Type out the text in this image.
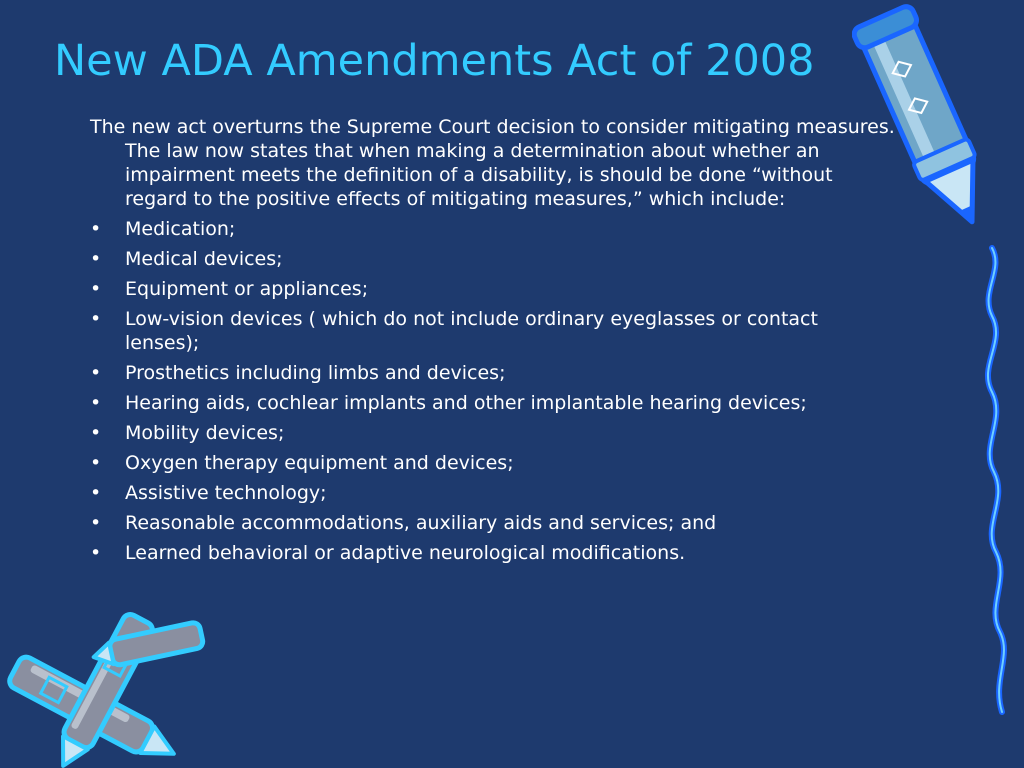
New ADA Amendments Act of 2008

The new act overturns the Supreme Court decision to consider mitigating measures. The law now states that when making a determination about whether an impairment meets the definition of a disability, is should be done “without regard to the positive effects of mitigating measures,” which include:

• Medication;
• Medical devices;
• Equipment or appliances;
• Low-vision devices ( which do not include ordinary eyeglasses or contact lenses);
• Prosthetics including limbs and devices;
• Hearing aids, cochlear implants and other implantable hearing devices;
• Mobility devices;
• Oxygen therapy equipment and devices;
• Assistive technology;
• Reasonable accommodations, auxiliary aids and services; and
• Learned behavioral or adaptive neurological modifications.
